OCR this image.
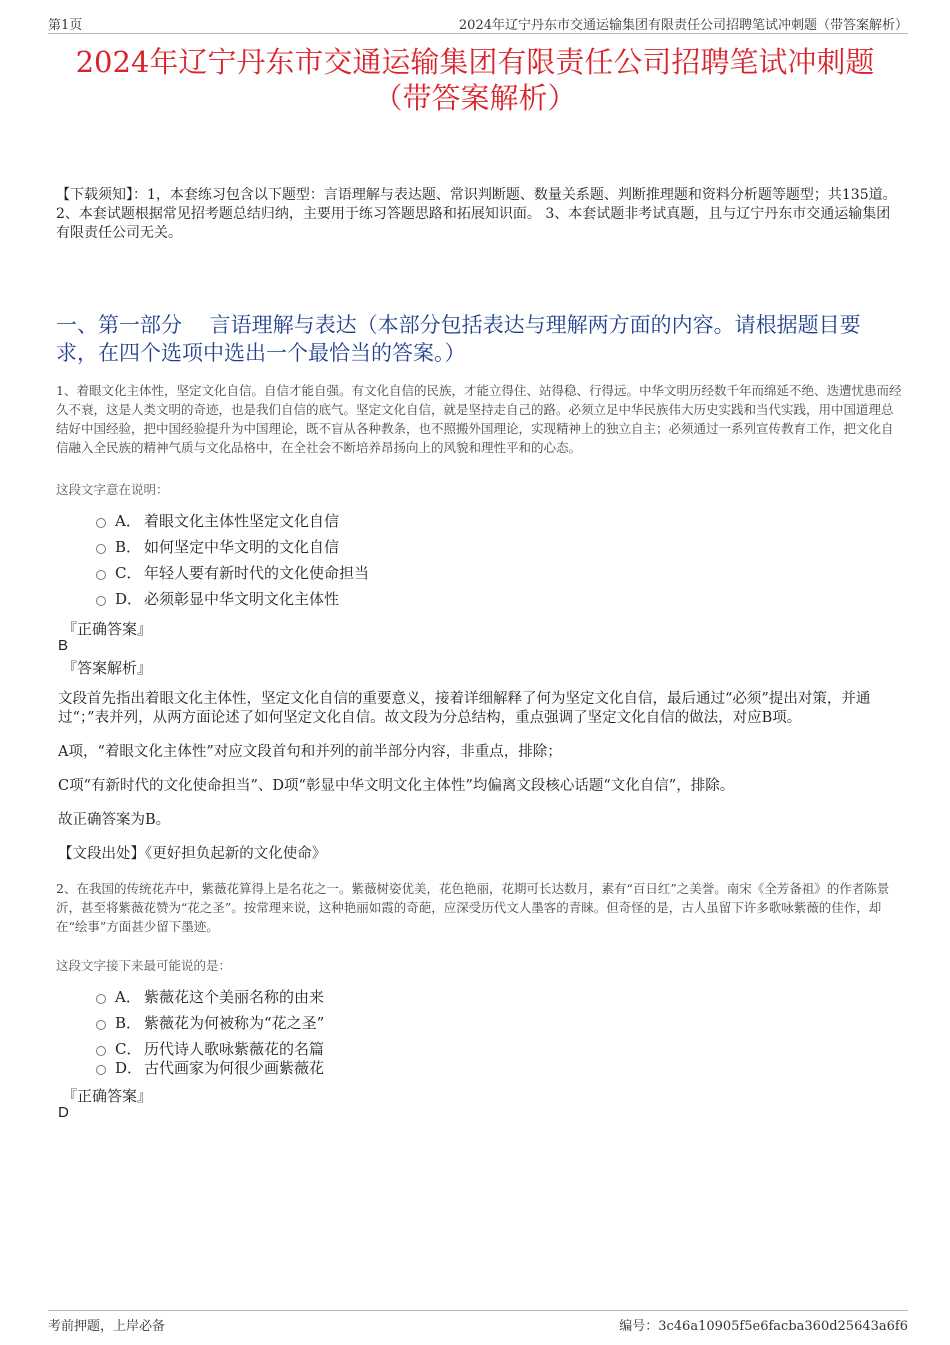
第1页	2024年辽宁丹东市交通运输集团有限责任公司招聘笔试冲刺题（带答案解析）
2024年辽宁丹东市交通运输集团有限责任公司招聘笔试冲刺题
（带答案解析）
【下载须知】：1，本套练习包含以下题型：言语理解与表达题、常识判断题、数量关系题、判断推理题和资料分析题等题型；共135道。 2、本套试题根据常见招考题总结归纳，主要用于练习答题思路和拓展知识面。 3、本套试题非考试真题，且与辽宁丹东市交通运输集团有限责任公司无关。
一、第一部分　 言语理解与表达（本部分包括表达与理解两方面的内容。请根据题目要求，在四个选项中选出一个最恰当的答案。）
1、着眼文化主体性，坚定文化自信。自信才能自强。有文化自信的民族，才能立得住、站得稳、行得远。中华文明历经数千年而绵延不绝、迭遭忧患而经久不衰，这是人类文明的奇迹，也是我们自信的底气。坚定文化自信，就是坚持走自己的路。必须立足中华民族伟大历史实践和当代实践，用中国道理总结好中国经验，把中国经验提升为中国理论，既不盲从各种教条，也不照搬外国理论，实现精神上的独立自主；必须通过一系列宣传教育工作，把文化自信融入全民族的精神气质与文化品格中，在全社会不断培养昂扬向上的风貌和理性平和的心态。
这段文字意在说明：
A． 着眼文化主体性坚定文化自信
B． 如何坚定中华文明的文化自信
C． 年轻人要有新时代的文化使命担当
D． 必须彰显中华文明文化主体性
『正确答案』
B
『答案解析』
文段首先指出着眼文化主体性，坚定文化自信的重要意义，接着详细解释了何为坚定文化自信，最后通过“必须”提出对策，并通过“；”表并列，从两方面论述了如何坚定文化自信。故文段为分总结构，重点强调了坚定文化自信的做法，对应B项。
A项，“着眼文化主体性”对应文段首句和并列的前半部分内容，非重点，排除；
C项“有新时代的文化使命担当”、D项“彰显中华文明文化主体性”均偏离文段核心话题“文化自信”，排除。
故正确答案为B。
【文段出处】《更好担负起新的文化使命》
2、在我国的传统花卉中，紫薇花算得上是名花之一。紫薇树姿优美，花色艳丽，花期可长达数月，素有“百日红”之美誉。南宋《全芳备祖》的作者陈景沂，甚至将紫薇花赞为“花之圣”。按常理来说，这种艳丽如霞的奇葩，应深受历代文人墨客的青睐。但奇怪的是，古人虽留下许多歌咏紫薇的佳作，却在“绘事”方面甚少留下墨迹。
这段文字接下来最可能说的是：
A． 紫薇花这个美丽名称的由来
B． 紫薇花为何被称为“花之圣”
C． 历代诗人歌咏紫薇花的名篇
D． 古代画家为何很少画紫薇花
『正确答案』
D
考前押题，上岸必备	编号：3c46a10905f5e6facba360d25643a6f6
